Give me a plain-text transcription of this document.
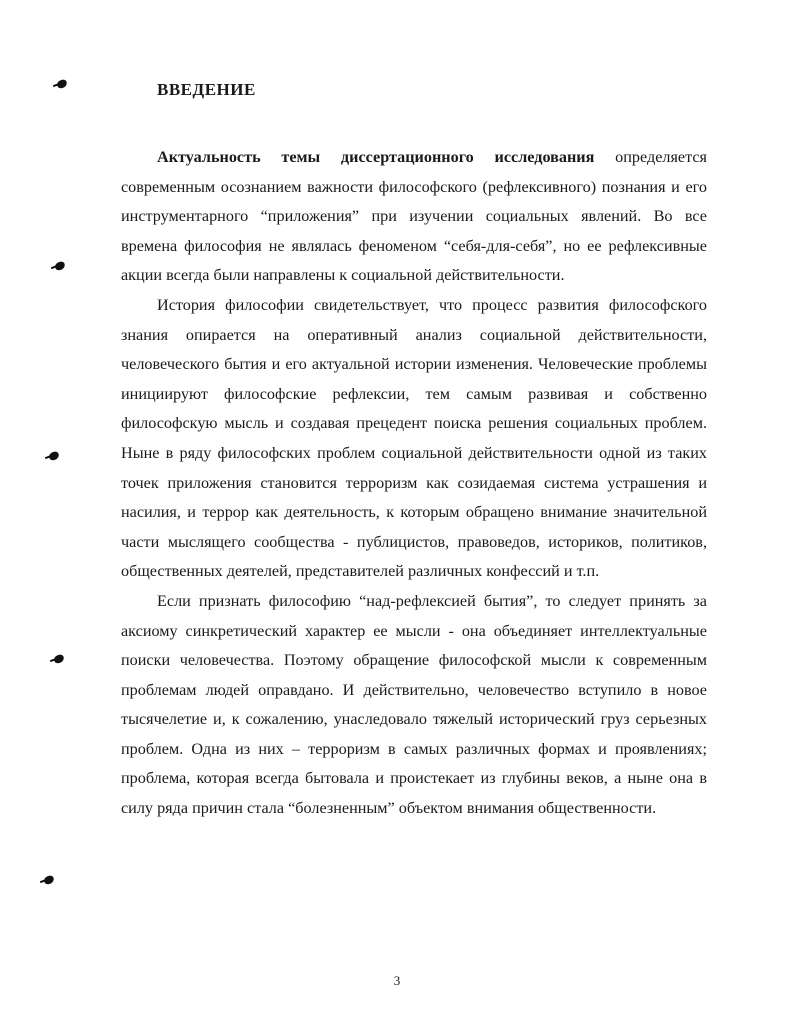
ВВЕДЕНИЕ

Актуальность темы диссертационного исследования определяется современным осознанием важности философского (рефлексивного) познания и его инструментарного “приложения” при изучении социальных явлений. Во все времена философия не являлась феноменом “себя-для-себя”, но ее рефлексивные акции всегда были направлены к социальной действительности.

История философии свидетельствует, что процесс развития философского знания опирается на оперативный анализ социальной действительности, человеческого бытия и его актуальной истории изменения. Человеческие проблемы инициируют философские рефлексии, тем самым развивая и собственно философскую мысль и создавая прецедент поиска решения социальных проблем. Ныне в ряду философских проблем социальной действительности одной из таких точек приложения становится терроризм как созидаемая система устрашения и насилия, и террор как деятельность, к которым обращено внимание значительной части мыслящего сообщества - публицистов, правоведов, историков, политиков, общественных деятелей, представителей различных конфессий и т.п.

Если признать философию “над-рефлексией бытия”, то следует принять за аксиому синкретический характер ее мысли - она объединяет интеллектуальные поиски человечества. Поэтому обращение философской мысли к современным проблемам людей оправдано. И действительно, человечество вступило в новое тысячелетие и, к сожалению, унаследовало тяжелый исторический груз серьезных проблем. Одна из них – терроризм в самых различных формах и проявлениях; проблема, которая всегда бытовала и проистекает из глубины веков, а ныне она в силу ряда причин стала “болезненным” объектом внимания общественности.

3
